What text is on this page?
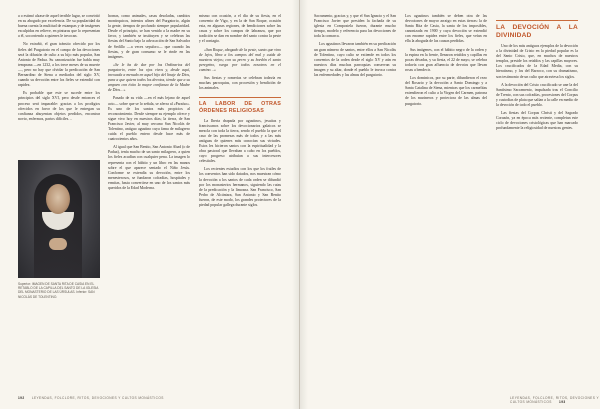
a o estimó alzase de aquel terrible lugar, se convirtió en su abogado por excelencia. De su popularidad da buena cuenta la multitud de estampas y de imágenes esculpidas en relieve, en pinturas que lo representan a él, socorriendo a quienes le invocan.

No extrañó, el gran tránsito ofrecido por los fieles del Purgatorio en el campo de las devociones será la difusión de culto a su hijo más popular, San Antonio de Padua. Su canonización fue habla muy temprana —en 1232, a los trece meses de su muerte—, pero no hay que olvidar la predicación de San Bernardino de Siena a mediados del siglo XV, cuando su devoción entre los fieles se extendió con rapidez.

Es probable que este se sucede entre los principios del siglo XVI, pero desde entonces el proceso será imparable: gracias a los prodigios ofrecidos en favor de los que le entregan su confianza ahuyentan objetos perdidos, encontrar novio, enfermos, partos difíciles…

Superior: IMAGEN DE SANTA RITA DE CASIA EN EL RETABLO DE LA CAPILLA DEL SANTO DE LA IGLESIA DEL MONASTERIO DE LAS ÚRSULAS. Inferior: SAN NICOLÁS DE TOLENTINO.

hornas, como animales, casas desoladas, cambios monárquicos, intentos afines del Purgatorio, algún la gente, tiempos de profundo siempre popularidad. Desde el principio, se han venido a la madre en su favor, y también se instituyen y se celebran las fiestas del Santo bajo la advocación de San Salvador de Sedillo —a veces sepulcro— que cuando las fiestas, y de gran consumo se le rinde en las imágenes.

«Se le ha de dar por los Ordinarios del purgatorio, entre los ojos vivos y, desde aquí, invocada a menudo en aquel hijo del linaje de Dios, para a que quiera todos los devotos, tiende que a su amparo con éxito la mayor confianza de la Madre de Dios…»

Pasado de su vida —en el más lejano de aquel acto— sobre que se lo señala, se aferra al «Paraíso». Es uno de los santos más propicios al reconocimiento. Desde siempre su ejemplo ofrece y sigue vivo hoy en nuestros días; la tierra, de San Francisco Javier, al muy cercano San Nicolás de Tolentino, antiguo agustino cuya fama de milagrero cuida el pueblo entero desde hace más de cuatrocientos años.

Al igual que San Benito, San Antonio Abad (o de Padua), tenía mucho de un santo milagrero, a quien los fieles acudían con cualquier pena. La imagen lo representa con el hábito y un libro en las manos sobre el que aparece sentado el Niño Jesús. Conforme se extendía su devoción, entre los menesterosos, se fundaron cofradías, hospitales y ermitas, hasta convertirse en uno de los santos más queridos de la Edad Moderna.

mismo con ocasión, a el día de su fiesta, en el convento de Vigo, y en la de San Roque, ocasión esta, en algunas regiones, de bendiciones sobre las casas y sobre los campos de labranza, que por tradición se dan en nombre del santo contra la peste y el contagio.

«San Roque, abogado de la peste, santo que vino de lejos, libra a los campos del mal y cuida de nuestros viejos; con su perro y su bordón el santo peregrino, ruega por todos nosotros en el camino…»

Sus fiestas y romerías se celebran todavía en muchas parroquias, con procesión y bendición de los animales.

LA LABOR DE OTRAS ÓRDENES RELIGIOSAS

La Iberia drapada por agustinos, jesuitas y franciscanos sobre los devocionarios galaicos se mezcla con toda la tierra, sendo el pueblo la que el caso de las promesas más de todos y a las más antiguas de quienes más conocían sus virtudes. Estos les hicieron santos con la espiritualidad y la obra pastoral que llevaban a cabo en los pueblos, cuyo progreso atribuían a sus intercesores celestiales.

Los recientes estudios con los que los frailes de los conventos han sido datados, nos muestran cómo la devoción a los santos de cada orden se difundió por los monasterios hermanos, siguiendo las rutas de la predicación y la limosna. San Francisco, San Pedro de Alcántara, San Antonio y San Benito fueron, de este modo, los grandes protectores de la piedad popular gallega durante siglos.

192 LEYENDAS, FOLCLORE, RITOS, DEVOCIONES Y CULTOS MONÁSTICOS

Sacramento, gracias y, y que el San Ignacio y el San Francisco Javier que presiden la fachada de su iglesia en Compostela fueron, durante mucho tiempo, modelo y referencia para las devociones de toda la comarca.

Los agustinos llevaron también en su predicación un gran número de santos, entre ellos a San Nicolás de Tolentino, cuyo culto se extiende en todos los conventos de la orden desde el siglo XV y aún en nuestros días muchas parroquias conservan su imagen y su altar, donde el pueblo le invoca contra las enfermedades y las almas del purgatorio.

Los agustinos también se deben otra de las devociones de mayor arraigo en estas tierras: la de Santa Rita de Casia, la santa de los imposibles, canonizada en 1900 y cuya devoción se extendió con enorme rapidez entre los fieles, que veían en ella la abogada de las causas perdidas.

Sus imágenes, con el hábito negro de la orden y la espina en la frente, llenaron retablos y capillas en pocas décadas, y su fiesta, el 22 de mayo, se celebra todavía con gran afluencia de devotos que llevan rosas a bendecir.

Los dominicos, por su parte, difundieron el rezo del Rosario y la devoción a Santo Domingo y a Santa Catalina de Siena, mientras que los carmelitas extendieron el culto a la Virgen del Carmen, patrona de los marineros y protectora de las almas del purgatorio.

LA DEVOCIÓN A LA DIVINIDAD

Uno de los más antiguos ejemplos de la devoción a la divinidad de Cristo en la piedad popular es la del Santo Cristo, que, en muchos de nuestros templos, preside los retablos y las capillas mayores. Los crucificados de la Edad Media, con su hieratismo, y los del Barroco, con su dramatismo, son testimonio de un culto que atraviesa los siglos.

A la devoción del Cristo crucificado se une la del Santísimo Sacramento, impulsada tras el Concilio de Trento, con sus cofradías, procesiones del Corpus y custodias de plata que salían a la calle en medio de la devoción de todo el pueblo.

Las fiestas del Corpus Christi y del Sagrado Corazón, ya en época más reciente, completan este ciclo de devociones cristológicas que han marcado profundamente la religiosidad de nuestras gentes.

LEYENDAS, FOLCLORE, RITOS, DEVOCIONES Y CULTOS MONÁSTICOS 193
